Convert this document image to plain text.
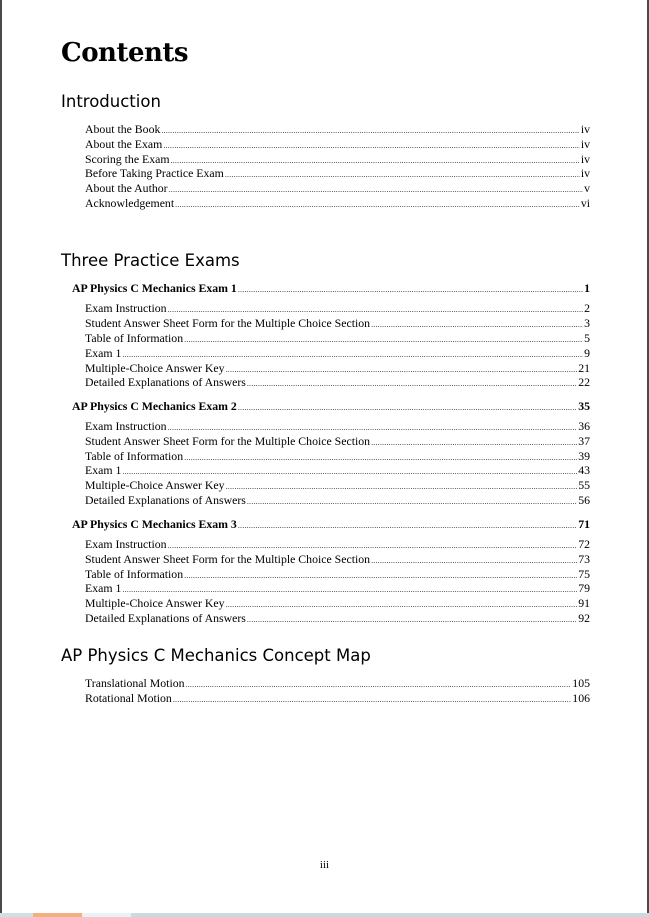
Contents
Introduction
About the Book .....	iv
About the Exam .....	iv
Scoring the Exam .....	iv
Before Taking Practice Exam .....	iv
About the Author .....	v
Acknowledgement .....	vi
Three Practice Exams
AP Physics C Mechanics Exam 1 .....	1
Exam Instruction .....	2
Student Answer Sheet Form for the Multiple Choice Section .....	3
Table of Information .....	5
Exam 1 .....	9
Multiple-Choice Answer Key .....	21
Detailed Explanations of Answers .....	22
AP Physics C Mechanics Exam 2 .....	35
Exam Instruction .....	36
Student Answer Sheet Form for the Multiple Choice Section .....	37
Table of Information .....	39
Exam 1 .....	43
Multiple-Choice Answer Key .....	55
Detailed Explanations of Answers .....	56
AP Physics C Mechanics Exam 3 .....	71
Exam Instruction .....	72
Student Answer Sheet Form for the Multiple Choice Section .....	73
Table of Information .....	75
Exam 1 .....	79
Multiple-Choice Answer Key .....	91
Detailed Explanations of Answers .....	92
AP Physics C Mechanics Concept Map
Translational Motion .....	105
Rotational Motion .....	106
iii
